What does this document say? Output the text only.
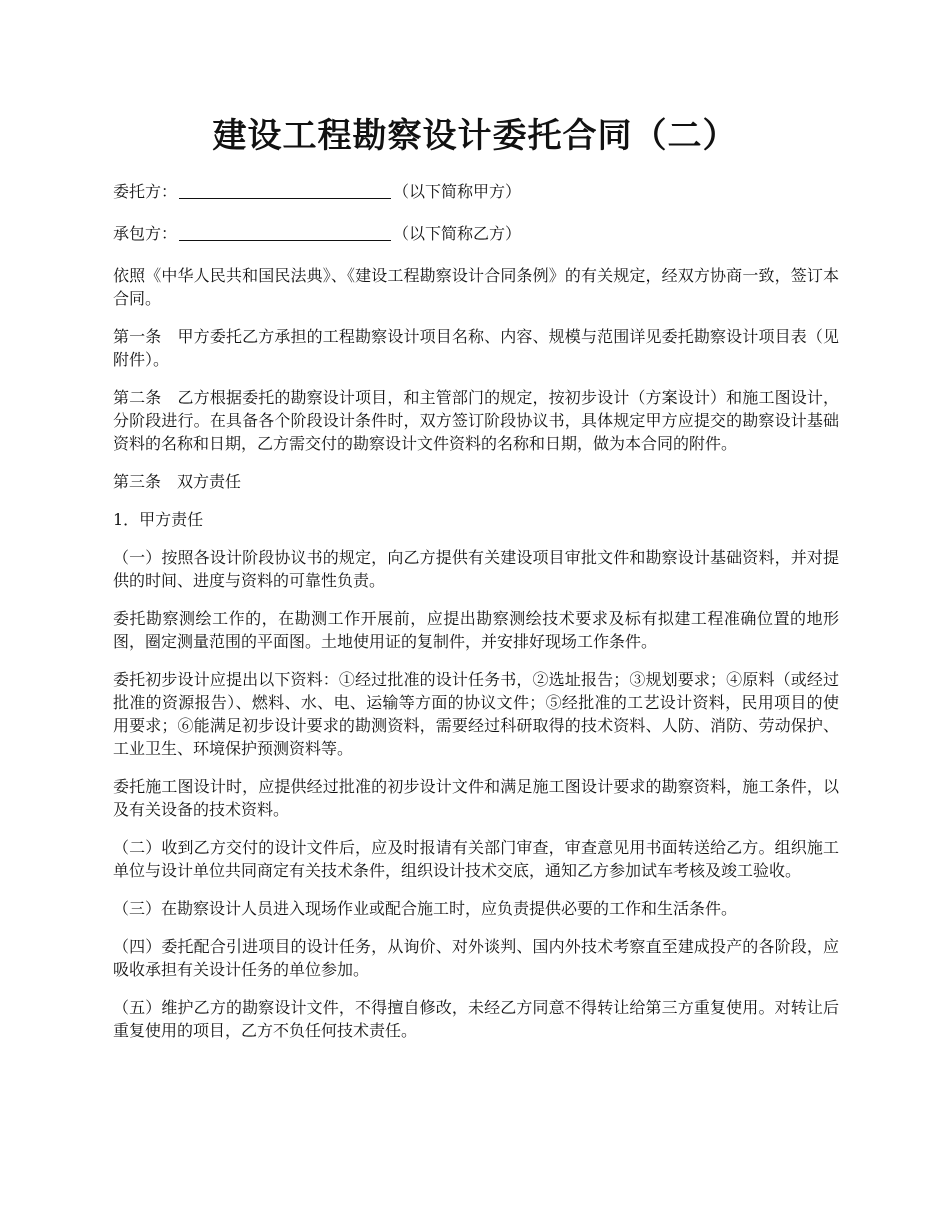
建设工程勘察设计委托合同（二）

委托方：	（以下简称甲方）

承包方：	（以下简称乙方）

依照《中华人民共和国民法典》、《建设工程勘察设计合同条例》的有关规定，经双方协商一致，签订本合同。

第一条　甲方委托乙方承担的工程勘察设计项目名称、内容、规模与范围详见委托勘察设计项目表（见附件）。

第二条　乙方根据委托的勘察设计项目，和主管部门的规定，按初步设计（方案设计）和施工图设计，分阶段进行。在具备各个阶段设计条件时，双方签订阶段协议书，具体规定甲方应提交的勘察设计基础资料的名称和日期，乙方需交付的勘察设计文件资料的名称和日期，做为本合同的附件。

第三条　双方责任

1．甲方责任

（一）按照各设计阶段协议书的规定，向乙方提供有关建设项目审批文件和勘察设计基础资料，并对提供的时间、进度与资料的可靠性负责。

委托勘察测绘工作的，在勘测工作开展前，应提出勘察测绘技术要求及标有拟建工程准确位置的地形图，圈定测量范围的平面图。土地使用证的复制件，并安排好现场工作条件。

委托初步设计应提出以下资料：①经过批准的设计任务书，②选址报告；③规划要求；④原料（或经过批准的资源报告）、燃料、水、电、运输等方面的协议文件；⑤经批准的工艺设计资料，民用项目的使用要求；⑥能满足初步设计要求的勘测资料，需要经过科研取得的技术资料、人防、消防、劳动保护、工业卫生、环境保护预测资料等。

委托施工图设计时，应提供经过批准的初步设计文件和满足施工图设计要求的勘察资料，施工条件，以及有关设备的技术资料。

（二）收到乙方交付的设计文件后，应及时报请有关部门审查，审查意见用书面转送给乙方。组织施工单位与设计单位共同商定有关技术条件，组织设计技术交底，通知乙方参加试车考核及竣工验收。

（三）在勘察设计人员进入现场作业或配合施工时，应负责提供必要的工作和生活条件。

（四）委托配合引进项目的设计任务，从询价、对外谈判、国内外技术考察直至建成投产的各阶段，应吸收承担有关设计任务的单位参加。

（五）维护乙方的勘察设计文件，不得擅自修改，未经乙方同意不得转让给第三方重复使用。对转让后重复使用的项目，乙方不负任何技术责任。
